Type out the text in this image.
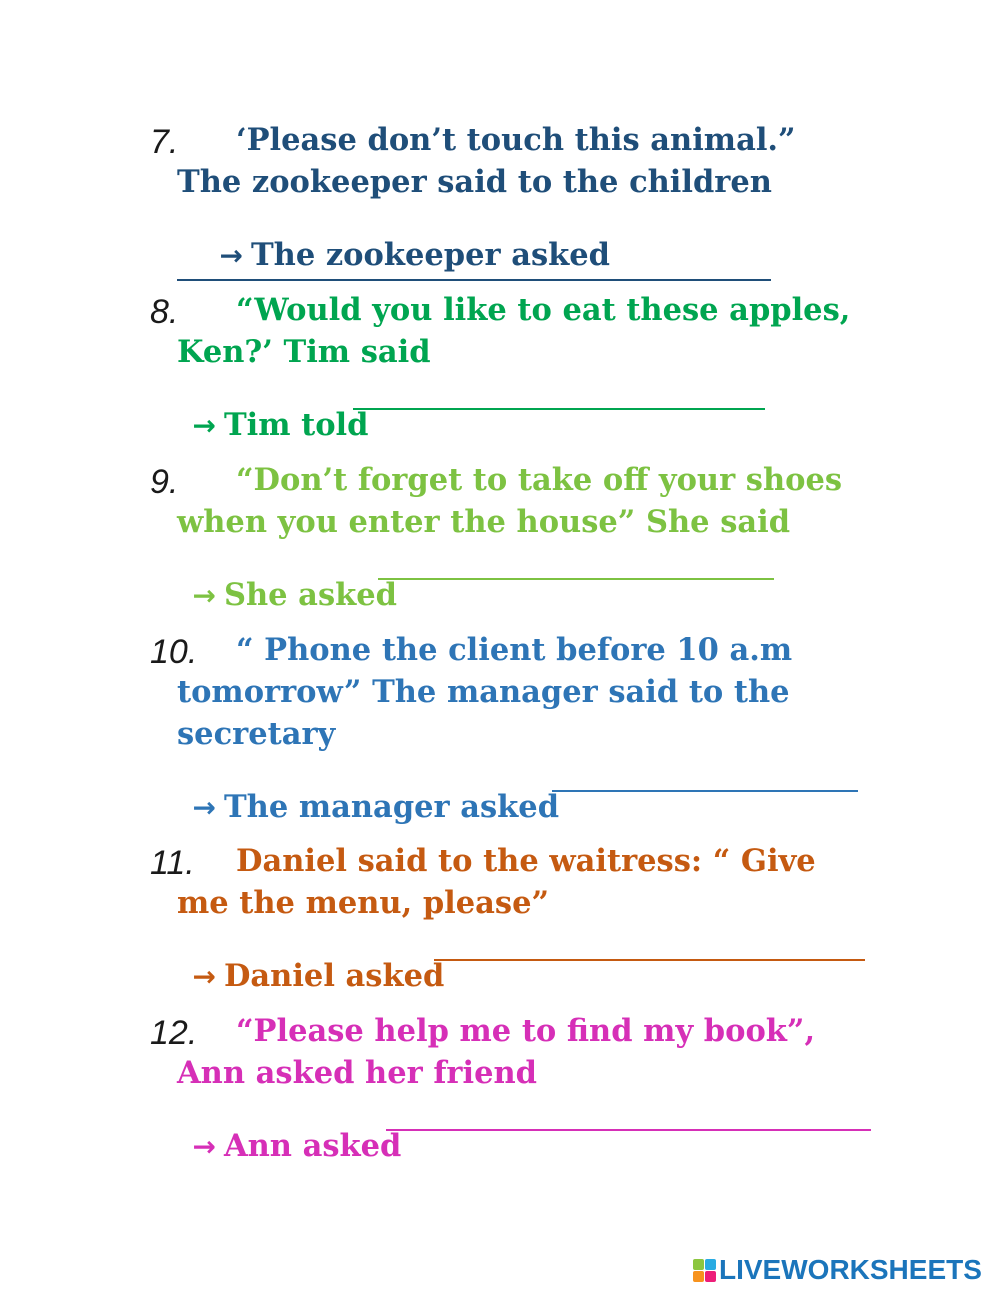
7. ‘Please don’t touch this animal.”
The zookeeper said to the children

→ The zookeeper asked

8. “Would you like to eat these apples,
Ken?’ Tim said

→ Tim told

9. “Don’t forget to take off your shoes
when you enter the house” She said

→ She asked

10. “ Phone the client before 10 a.m
tomorrow” The manager said to the
secretary

→ The manager asked

11. Daniel said to the waitress: “ Give
me the menu, please”

→ Daniel asked

12. “Please help me to find my book”,
Ann asked her friend

→ Ann asked

LIVEWORKSHEETS
